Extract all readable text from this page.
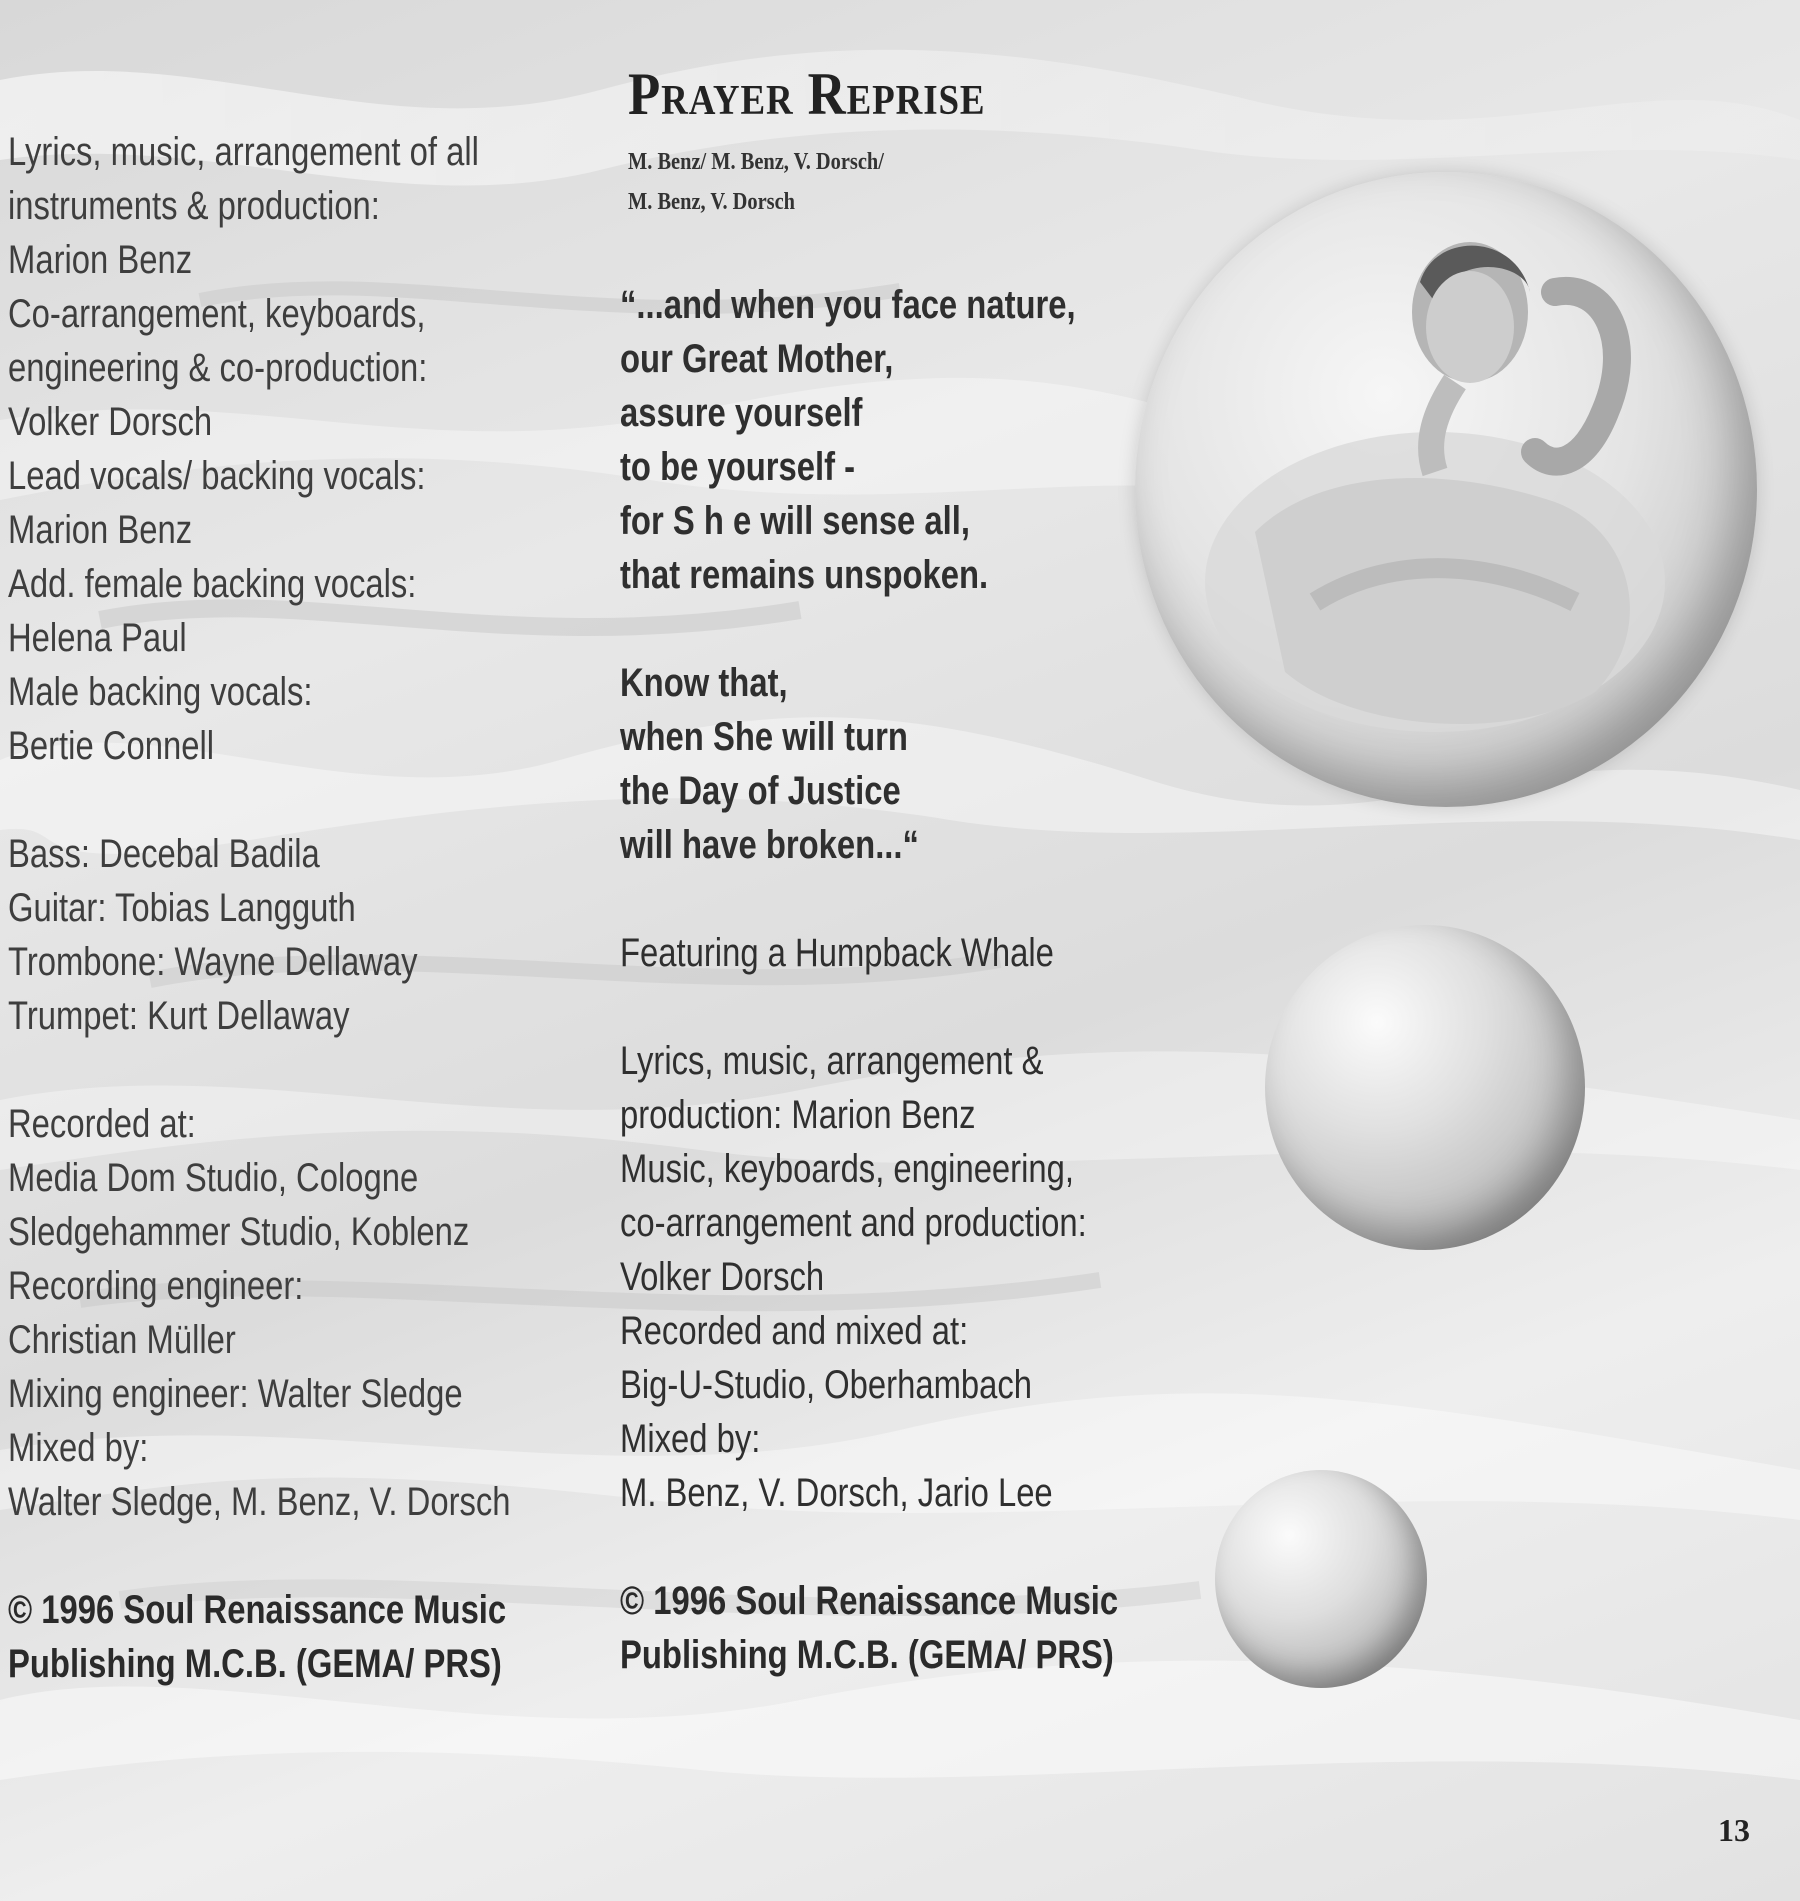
Prayer Reprise
M. Benz/ M. Benz, V. Dorsch/
M. Benz, V. Dorsch
Lyrics, music, arrangement of all
instruments & production:
Marion Benz
Co-arrangement, keyboards,
engineering & co-production:
Volker Dorsch
Lead vocals/ backing vocals:
Marion Benz
Add. female backing vocals:
Helena Paul
Male backing vocals:
Bertie Connell
Bass: Decebal Badila
Guitar: Tobias Langguth
Trombone: Wayne Dellaway
Trumpet: Kurt Dellaway
Recorded at:
Media Dom Studio, Cologne
Sledgehammer Studio, Koblenz
Recording engineer:
Christian Müller
Mixing engineer: Walter Sledge
Mixed by:
Walter Sledge, M. Benz, V. Dorsch
© 1996 Soul Renaissance Music
Publishing M.C.B. (GEMA/ PRS)
“...and when you face nature,
our Great Mother,
assure yourself
to be yourself -
for S h e will sense all,
that remains unspoken.
Know that,
when She will turn
the Day of Justice
will have broken...“
Featuring a Humpback Whale
Lyrics, music, arrangement &
production: Marion Benz
Music, keyboards, engineering,
co-arrangement and production:
Volker Dorsch
Recorded and mixed at:
Big-U-Studio, Oberhambach
Mixed by:
M. Benz, V. Dorsch, Jario Lee
© 1996 Soul Renaissance Music
Publishing M.C.B. (GEMA/ PRS)
13
